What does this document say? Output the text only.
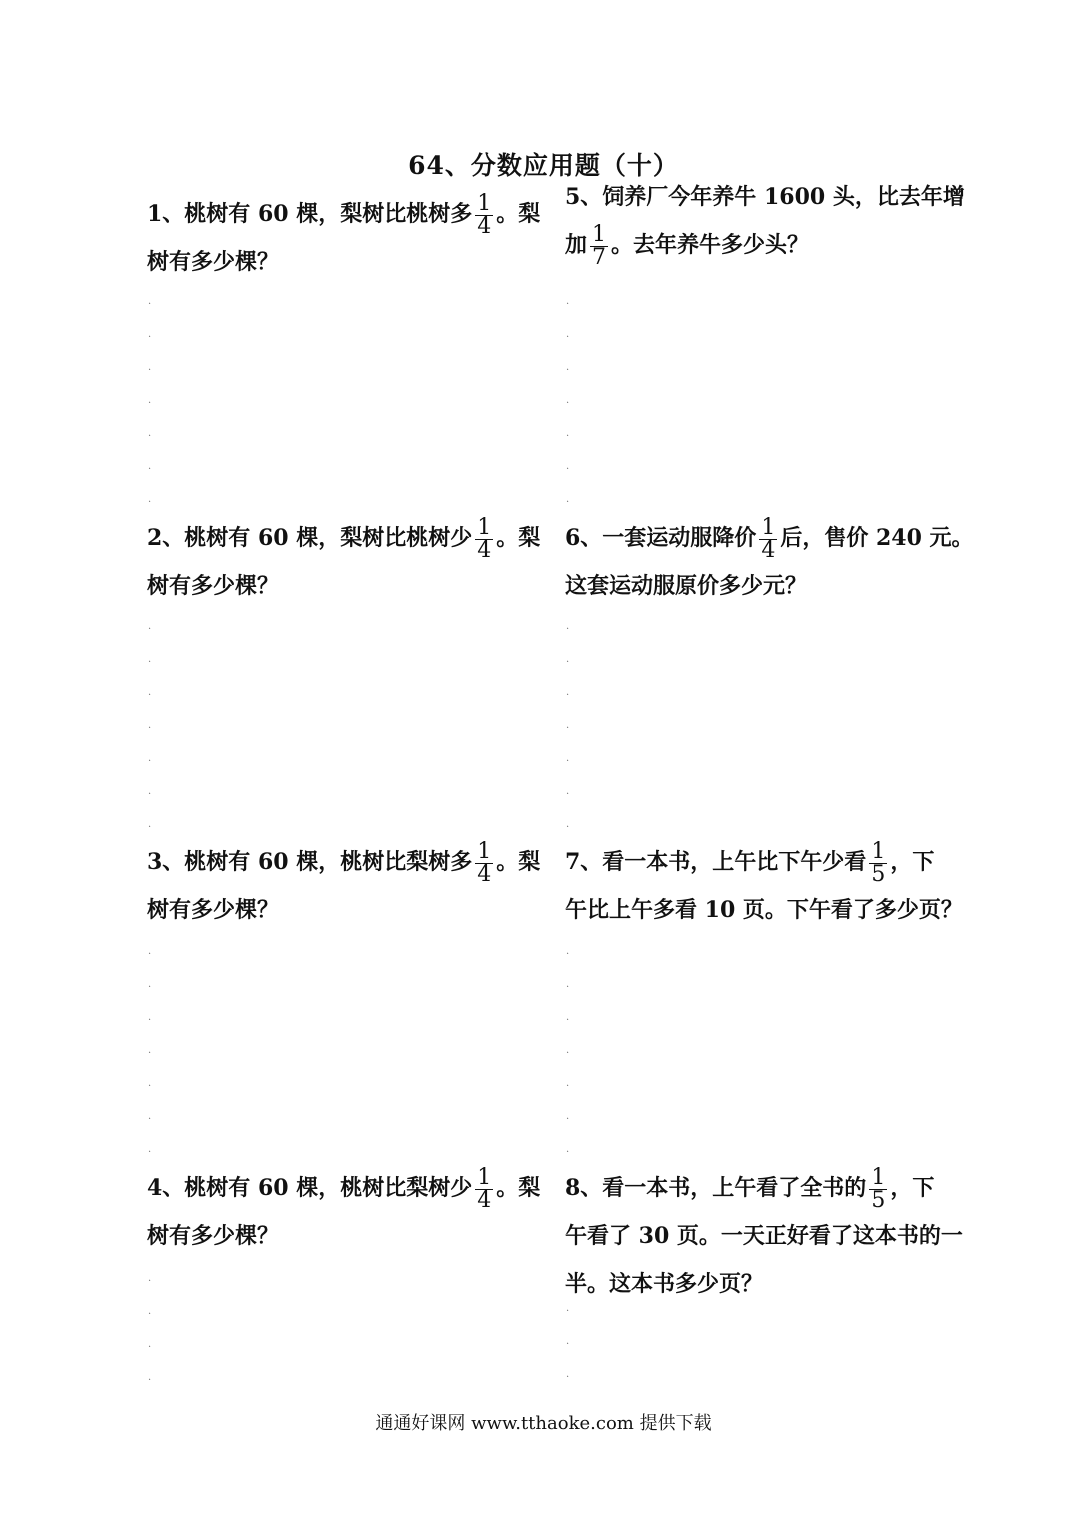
64、分数应用题（十）
1、桃树有 60 棵，梨树比桃树多 $\frac{1}{4}$ 。梨
树有多少棵？
5、饲养厂今年养牛 1600 头，比去年增
加 $\frac{1}{7}$ 。去年养牛多少头？
2、桃树有 60 棵，梨树比桃树少 $\frac{1}{4}$ 。梨
树有多少棵？
6、一套运动服降价 $\frac{1}{4}$ 后，售价 240 元。
这套运动服原价多少元？
3、桃树有 60 棵，桃树比梨树多 $\frac{1}{4}$ 。梨
树有多少棵？
7、看一本书，上午比下午少看 $\frac{1}{5}$ ，下
午比上午多看 10 页。下午看了多少页？
4、桃树有 60 棵，桃树比梨树少 $\frac{1}{4}$ 。梨
树有多少棵？
8、看一本书，上午看了全书的 $\frac{1}{5}$ ，下
午看了 30 页。一天正好看了这本书的一
半。这本书多少页？
.
.
.
.
.
.
.
.
.
.
.
.
.
.
.
.
.
.
.
.
.
.
.
.
.
.
.
.
.
.
.
.
.
.
.
.
.
.
.
.
.
.
.
.
.
.
.
.
.
通通好课网 www.tthaoke.com 提供下载
